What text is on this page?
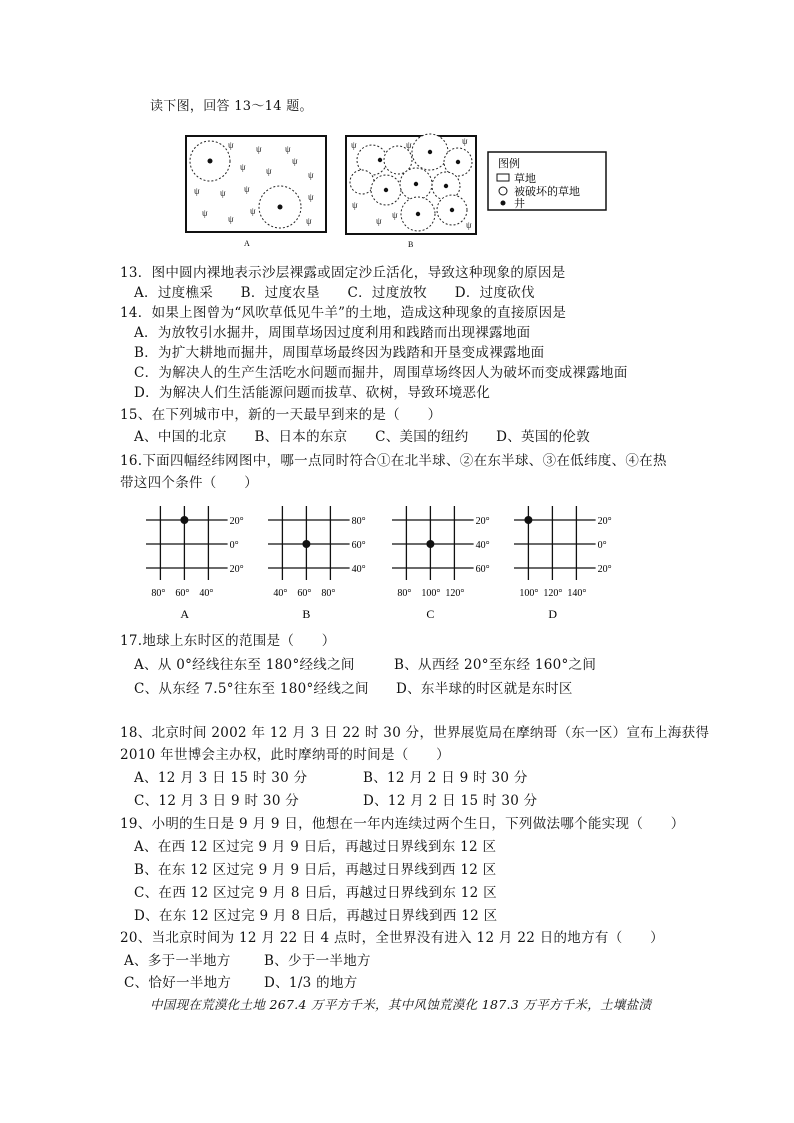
读下图，回答 13～14 题。
ψ ψ	ψ
ψ ψ
ψ
ψ
ψ ψ ψ
ψ
ψ
ψ
ψ
ψ
A
ψ	ψ	ψ
ψ
ψ
ψ
ψ
B
图例
草地
被破坏的草地
井
13．图中圆内裸地表示沙层裸露或固定沙丘活化，导致这种现象的原因是
A．过度樵采　　B．过度农垦　　C．过度放牧　　D．过度砍伐
14．如果上图曾为“风吹草低见牛羊”的土地，造成这种现象的直接原因是
A．为放牧引水掘井，周围草场因过度利用和践踏而出现裸露地面
B．为扩大耕地而掘井，周围草场最终因为践踏和开垦变成裸露地面
C．为解决人的生产生活吃水问题而掘井，周围草场终因人为破坏而变成裸露地面
D．为解决人们生活能源问题而拔草、砍树，导致环境恶化
15、在下列城市中，新的一天最早到来的是（　　）
A、中国的北京　　B、日本的东京　　C、美国的纽约　　D、英国的伦敦
16.下面四幅经纬网图中，哪一点同时符合①在北半球、②在东半球、③在低纬度、④在热
带这四个条件（　　）
20°
80°
0°
60°
20°
40°
A
80°
40°
60°
60°
40°
80°
B
20°
80°
40°
100°
60°
120°
C
20°
100°
0°
120°
20°
140°
D
17.地球上东时区的范围是（　　）
A、从 0°经线往东至 180°经线之间	B、从西经 20°至东经 160°之间
C、从东经 7.5°往东至 180°经线之间 D、东半球的时区就是东时区
18、北京时间 2002 年 12 月 3 日 22 时 30 分，世界展览局在摩纳哥（东一区）宣布上海获得
2010 年世博会主办权，此时摩纳哥的时间是（　　）
A、12 月 3 日 15 时 30 分	B、12 月 2 日 9 时 30 分
C、12 月 3 日 9 时 30 分	D、12 月 2 日 15 时 30 分
19、小明的生日是 9 月 9 日，他想在一年内连续过两个生日，下列做法哪个能实现（　　）
A、在西 12 区过完 9 月 9 日后，再越过日界线到东 12 区
B、在东 12 区过完 9 月 9 日后，再越过日界线到西 12 区
C、在西 12 区过完 9 月 8 日后，再越过日界线到东 12 区
D、在东 12 区过完 9 月 8 日后，再越过日界线到西 12 区
20、当北京时间为 12 月 22 日 4 点时，全世界没有进入 12 月 22 日的地方有（　　）
A、多于一半地方 B、少于一半地方
C、恰好一半地方 D、1/3 的地方
中国现在荒漠化土地 267.4 万平方千米，其中风蚀荒漠化 187.3 万平方千米，土壤盐渍
